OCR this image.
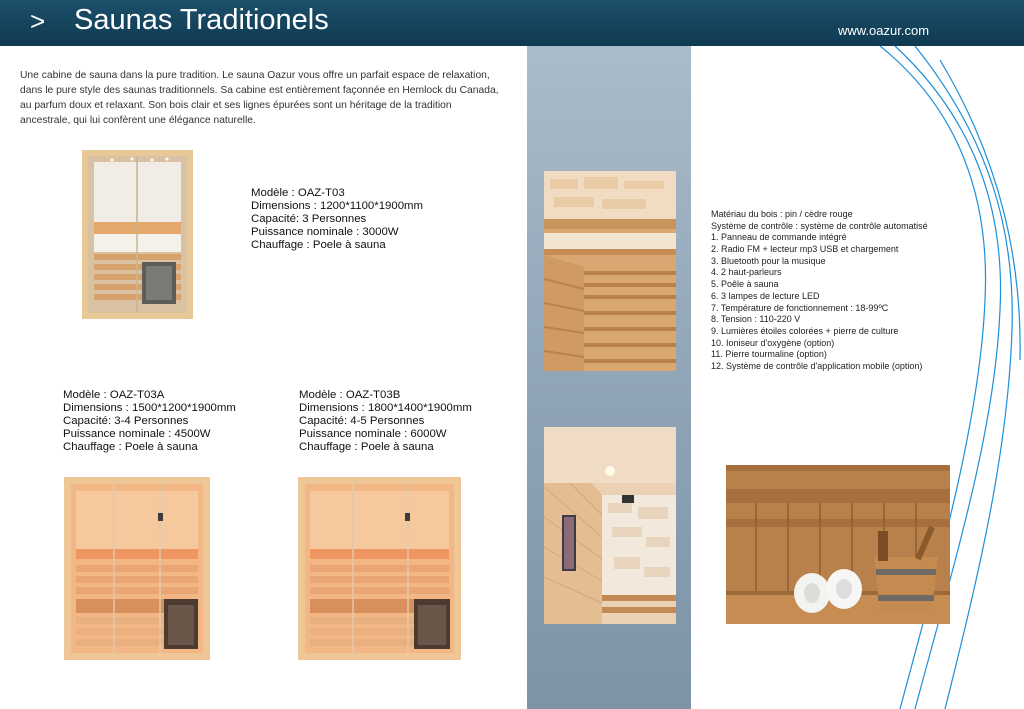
> Saunas Traditionels	www.oazur.com
Une cabine de sauna dans la pure tradition. Le sauna Oazur vous offre un parfait espace de relaxation, dans le pure style des saunas traditionnels. Sa cabine est entièrement façonnée en Hemlock du Canada, au parfum doux et relaxant. Son bois clair et ses lignes épurées sont un héritage de la tradition ancestrale, qui lui confèrent une élégance naturelle.
Modèle : OAZ-T03
Dimensions : 1200*1100*1900mm
Capacité: 3 Personnes
Puissance nominale : 3000W
Chauffage : Poele à sauna
Modèle : OAZ-T03A
Dimensions : 1500*1200*1900mm
Capacité: 3-4 Personnes
Puissance nominale : 4500W
Chauffage : Poele à sauna
Modèle : OAZ-T03B
Dimensions : 1800*1400*1900mm
Capacité: 4-5 Personnes
Puissance nominale : 6000W
Chauffage : Poele à sauna
Matériau du bois : pin / cèdre rouge
Système de contrôle : système de contrôle automatisé
1. Panneau de commande intégré
2. Radio FM + lecteur mp3 USB et chargement
3. Bluetooth pour la musique
4. 2 haut-parleurs
5. Poêle à sauna
6. 3 lampes de lecture LED
7. Température de fonctionnement : 18-99ºC
8. Tension : 110-220 V
9. Lumières étoiles colorées + pierre de culture
10. Ioniseur d'oxygène (option)
11. Pierre tourmaline (option)
12. Système de contrôle d'application mobile (option)
